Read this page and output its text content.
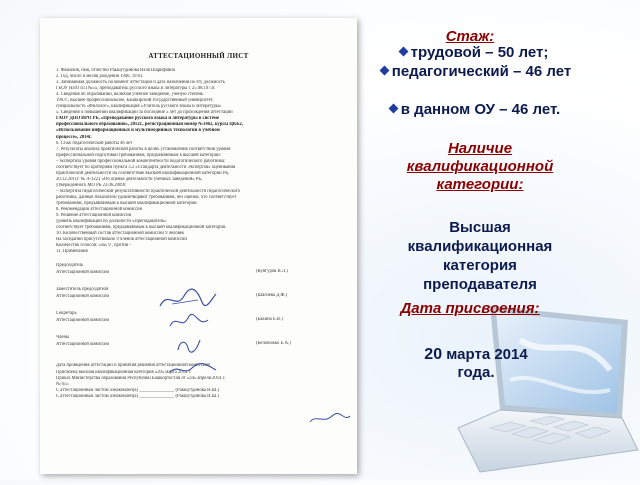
АТТЕСТАЦИОННЫЙ ЛИСТ
1. Фамилия, имя, отчество Ракшутдинова Нэля Шарифовна
2. Год, число и месяц рождения 1946, 19.01.
3. Занимаемая должность на момент аттестации и дата назначения на эту должность
ГБОУ НПО ПЛ №55, преподаватель русского языка и литературы с 25.08.1973г.
4. Сведения об образовании, включая учебное заведение, учёную степень
1967г., высшее профессиональное, Башкирский государственный университет,
специальность «Филолог», квалификация «Учитель русского языка и литературы»
5. Сведения о повышении квалификации за последние 5 лет до прохождения аттестации
ГАОУ ДПО ИРО РБ, «Преподавание русского языка и литературы в системе
профессионального образования», 2012г., регистрационный номер №1462, курсы ЦКБ2,
«Использование информационных и мультимедийных технологий в учебном
процессе», 2014г.
6. Стаж педагогической работы 46 лет
7. Результаты анализа практической работы в целях установления соответствия уровня
профессиональной подготовки требованиям, предъявляемым к высшей категории:
– экспертиза уровня профессиональной компетентности педагогического работника:
соответствует по критериям пункта 3.2 «Стандарта деятельности Экспертов» оценивания
практической деятельности на соответствие высшей квалификационной категории РБ,
20.12.2011г. № Л-1221 «Об оценке деятельности учебных заведений» РБ,
утверждённого МО РБ 23.06.2009г.
– экспертиза педагогической результативности практической деятельности педагогического
работника, данные показатели удовлетворяют требованиям, без оценки, что соответствует
требованиям, предъявляемым к высшей квалификационной категории.
8. Рекомендации аттестационной комиссии
9. Решение аттестационной комиссии
уровень квалификации по должности «Преподаватель»
соответствует требованиям, предъявляемым к высшей квалификационной категории.
10. Количественный состав аттестационной комиссии 9 человек
На заседании присутствовало 9 членов аттестационной комиссии
Количество голосов: «за» 9 , против –
11. Примечания
Председатель
Аттестационной комиссии	(Кунгуров В.Л.)
Заместитель председателя
Аттестационной комиссии	(Шагиева Д.Ф.)
Секретарь
Аттестационной комиссии	(Бакина Е.В.)
Члены
Аттестационной комиссии	(Белоножко Е.А.)
Дата проведения аттестации и принятия решения аттестационной комиссией
Присвоена высшая квалификационная категория «20» марта 2014 г.
Приказ Министерства образования Республики Башкортостан от «24» апреля 2014 г.
№ 655
С аттестационным листом ознакомлен(а) _______________ (Ракшутдинова Н.Ш.)
С аттестационным листом ознакомлен(а) _______________ (Ракшутдинова Н.Ш.)
Стаж:
трудовой – 50 лет;
педагогический – 46 лет
в данном ОУ – 46 лет.
Наличие
квалификационной
категории:
Высшая
квалификационная
категория
преподавателя
Дата присвоения:
20 марта 2014
года.
